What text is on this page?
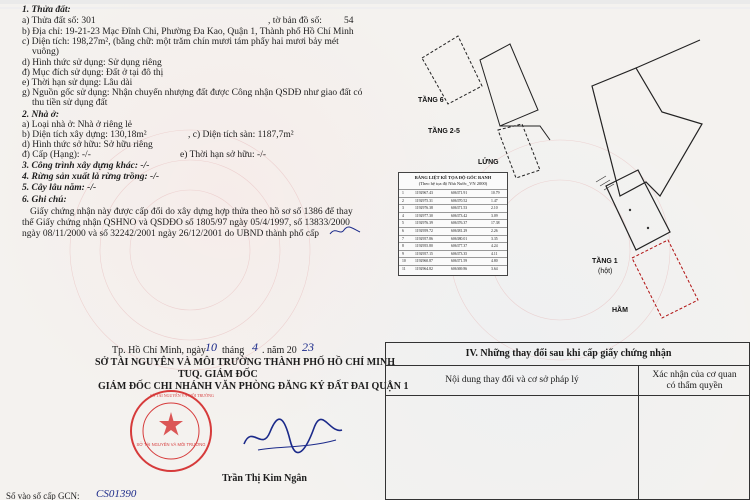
1. Thửa đất:
a) Thửa đất số: 301	, tờ bản đồ số: 54
b) Địa chỉ: 19-21-23 Mạc Đĩnh Chi, Phường Đa Kao, Quận 1, Thành phố Hồ Chí Minh
c) Diện tích: 198,27m², (bằng chữ: một trăm chín mươi tám phẩy hai mươi bảy mét
vuông)
d) Hình thức sử dụng: Sử dụng riêng
đ) Mục đích sử dụng: Đất ở tại đô thị
e) Thời hạn sử dụng: Lâu dài
g) Nguồn gốc sử dụng: Nhận chuyển nhượng đất được Công nhận QSDĐ như giao đất có
thu tiền sử dụng đất
2. Nhà ở:
a) Loại nhà ở: Nhà ở riêng lẻ
b) Diện tích xây dựng: 130,18m²	, c) Diện tích sàn: 1187,7m²
d) Hình thức sở hữu: Sở hữu riêng
đ) Cấp (Hạng): -/-	e) Thời hạn sở hữu: -/-
3. Công trình xây dựng khác: -/-
4. Rừng sản xuất là rừng trồng: -/-
5. Cây lâu năm: -/-
6. Ghi chú:
Giấy chứng nhận này được cấp đổi do xây dựng hợp thửa theo hồ sơ số 1386 để thay
thế Giấy chứng nhận QSHNO và QSDĐO số 1805/97 ngày 05/4/1997, số 13833/2000
ngày 08/11/2000 và số 32242/2001 ngày 26/12/2001 do UBND thành phố cấp
Tp. Hồ Chí Minh, ngày 10 tháng 4 . năm 20 23
SỞ TÀI NGUYÊN VÀ MÔI TRƯỜNG THÀNH PHỐ HỒ CHÍ MINH
TUQ. GIÁM ĐỐC
GIÁM ĐỐC CHI NHÁNH VĂN PHÒNG ĐĂNG KÝ ĐẤT ĐAI QUẬN 1
SỞ TÀI NGUYÊN VÀ MÔI TRƯỜNG
SỞ TÀI NGUYÊN VÀ MÔI TRƯỜNG
Trần Thị Kim Ngân
Số vào sổ cấp GCN: CS01390
TẦNG 6
TẦNG 2-5
LỬNG
TẦNG 1
(hột)
HẦM
BẢNG LIỆT KÊ TỌA ĐỘ GÓC RANH
(Theo hệ tọa độ Nhà Nước_VN 2000)
1	1192967.43	606371.91	10.79
2	1192975.31	606370.52	1.47
3	1192976.38	606371.53	2.10
4	1192977.30	606373.42	3.09
5	1192976.39	606376.37	17.38
6	1192959.72	606381.29	2.26
7	1192957.86	606380.01	3.35
8	1192955.80	606377.37	4.24
9	1192957.15	606373.35	4.11
10 1192960.87	606371.59	4.80
11 1192964.82	606369.86	3.64
IV. Những thay đổi sau khi cấp giấy chứng nhận
Nội dung thay đổi và cơ sở pháp lý	Xác nhận của cơ quan
có thẩm quyền
